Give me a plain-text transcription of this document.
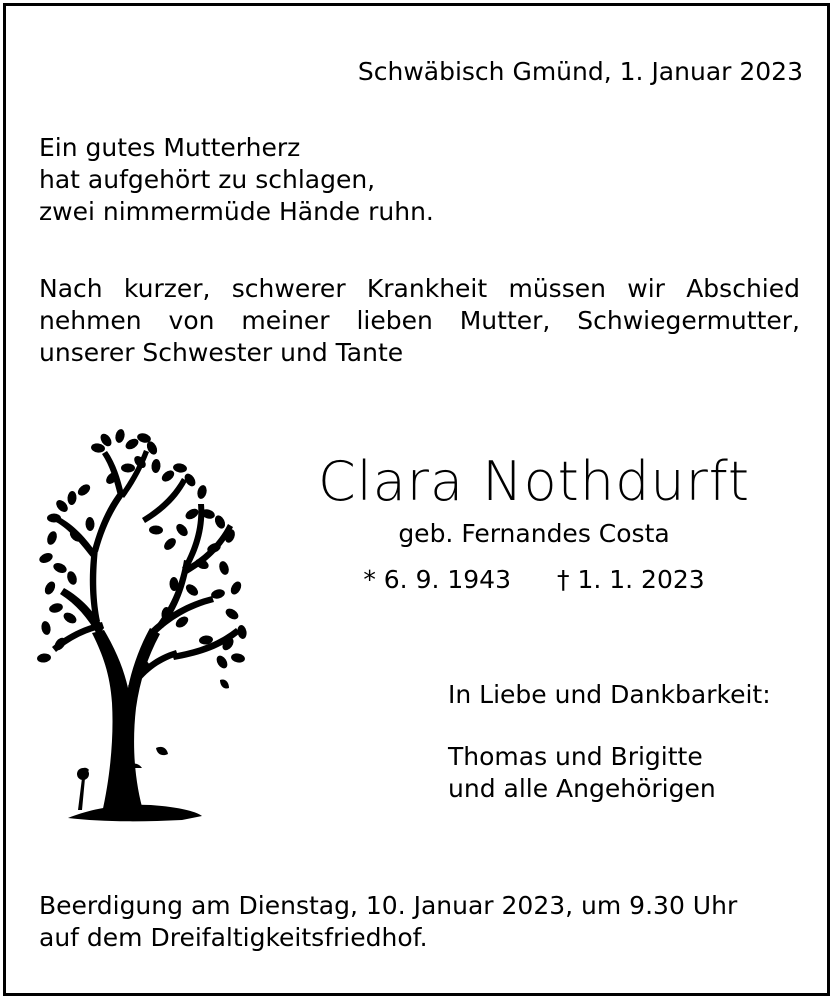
Schwäbisch Gmünd, 1. Januar 2023
Ein gutes Mutterherz
hat aufgehört zu schlagen,
zwei nimmermüde Hände ruhn.
Nach kurzer, schwerer Krankheit müssen wir Abschied
nehmen von meiner lieben Mutter, Schwiegermutter,
unserer Schwester und Tante
Clara Nothdurft
geb. Fernandes Costa
* 6. 9. 1943 † 1. 1. 2023
In Liebe und Dankbarkeit:
Thomas und Brigitte
und alle Angehörigen
Beerdigung am Dienstag, 10. Januar 2023, um 9.30 Uhr
auf dem Dreifaltigkeitsfriedhof.
